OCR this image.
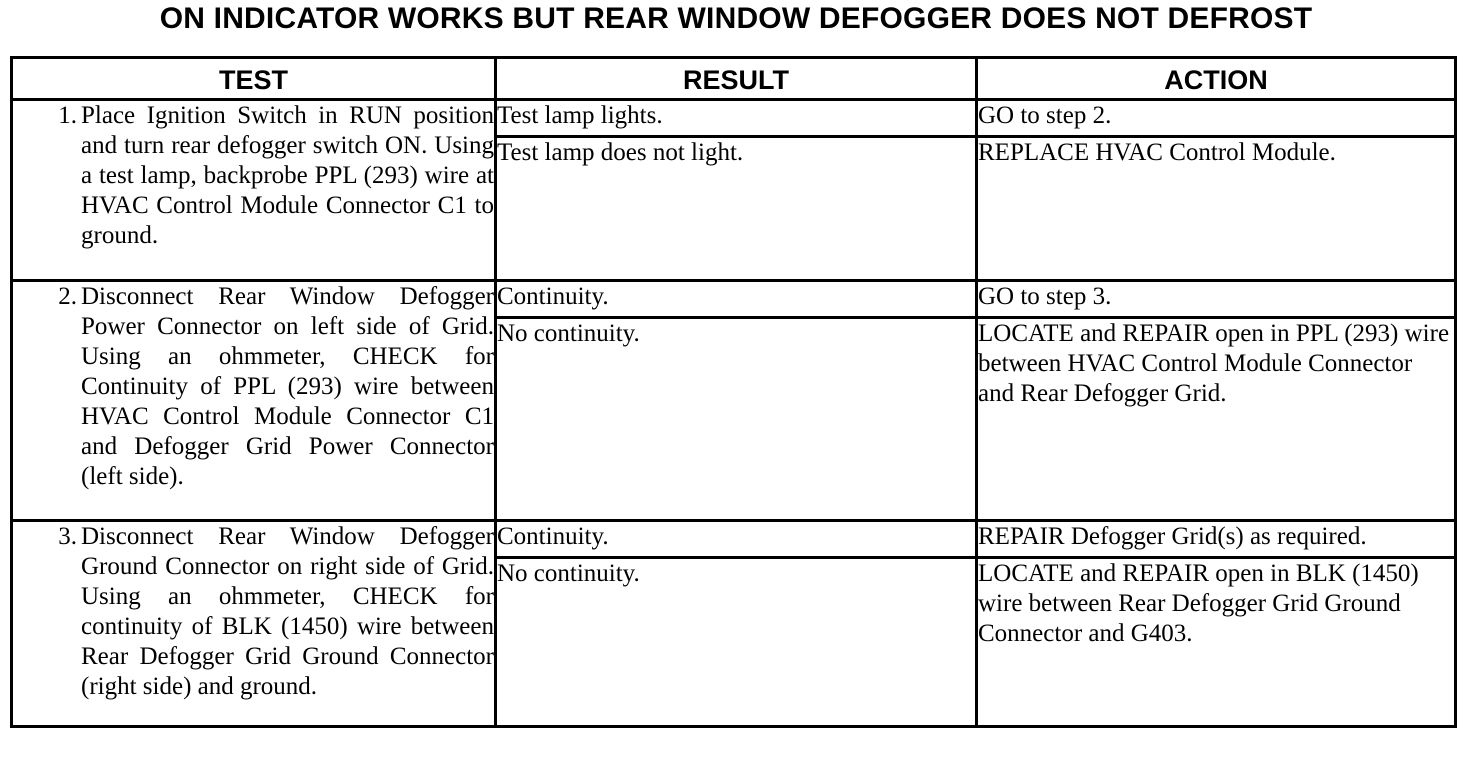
ON INDICATOR WORKS BUT REAR WINDOW DEFOGGER DOES NOT DEFROST
TEST	RESULT	ACTION

1. Place Ignition Switch in RUN position and turn rear defogger switch ON. Using a test lamp, backprobe PPL (293) wire at HVAC Control Module Connector C1 to ground.	Test lamp lights.	GO to step 2.
	Test lamp does not light.	REPLACE HVAC Control Module.

2. Disconnect Rear Window Defogger Power Connector on left side of Grid. Using an ohmmeter, CHECK for Continuity of PPL (293) wire between HVAC Control Module Connector C1 and Defogger Grid Power Connector (left side).	Continuity.	GO to step 3.
	No continuity.	LOCATE and REPAIR open in PPL (293) wire between HVAC Control Module Connector and Rear Defogger Grid.

3. Disconnect Rear Window Defogger Ground Connector on right side of Grid. Using an ohmmeter, CHECK for continuity of BLK (1450) wire between Rear Defogger Grid Ground Connector (right side) and ground.	Continuity.	REPAIR Defogger Grid(s) as required.
	No continuity.	LOCATE and REPAIR open in BLK (1450) wire between Rear Defogger Grid Ground Connector and G403.
